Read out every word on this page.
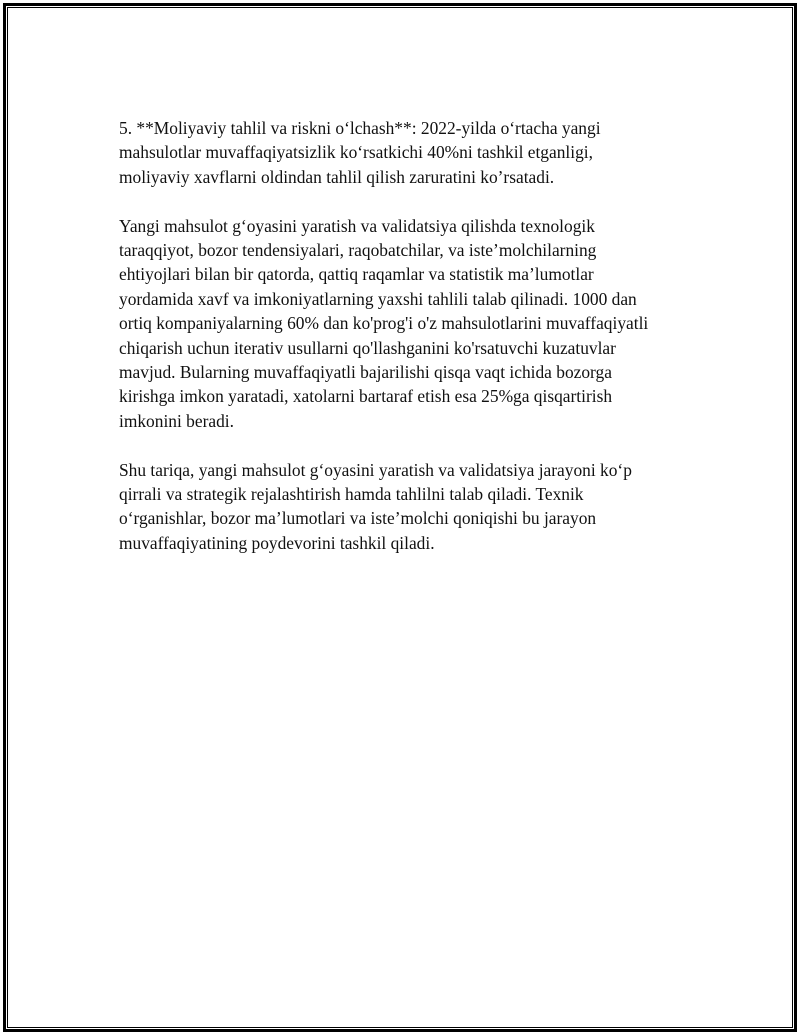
5. **Moliyaviy tahlil va riskni o‘lchash**: 2022-yilda o‘rtacha yangi
mahsulotlar muvaffaqiyatsizlik ko‘rsatkichi 40%ni tashkil etganligi,
moliyaviy xavflarni oldindan tahlil qilish zaruratini ko’rsatadi.

Yangi mahsulot g‘oyasini yaratish va validatsiya qilishda texnologik
taraqqiyot, bozor tendensiyalari, raqobatchilar, va iste’molchilarning
ehtiyojlari bilan bir qatorda, qattiq raqamlar va statistik ma’lumotlar
yordamida xavf va imkoniyatlarning yaxshi tahlili talab qilinadi. 1000 dan
ortiq kompaniyalarning 60% dan ko'prog'i o'z mahsulotlarini muvaffaqiyatli
chiqarish uchun iterativ usullarni qo'llashganini ko'rsatuvchi kuzatuvlar
mavjud. Bularning muvaffaqiyatli bajarilishi qisqa vaqt ichida bozorga
kirishga imkon yaratadi, xatolarni bartaraf etish esa 25%ga qisqartirish
imkonini beradi.

Shu tariqa, yangi mahsulot g‘oyasini yaratish va validatsiya jarayoni ko‘p
qirrali va strategik rejalashtirish hamda tahlilni talab qiladi. Texnik
o‘rganishlar, bozor ma’lumotlari va iste’molchi qoniqishi bu jarayon
muvaffaqiyatining poydevorini tashkil qiladi.
